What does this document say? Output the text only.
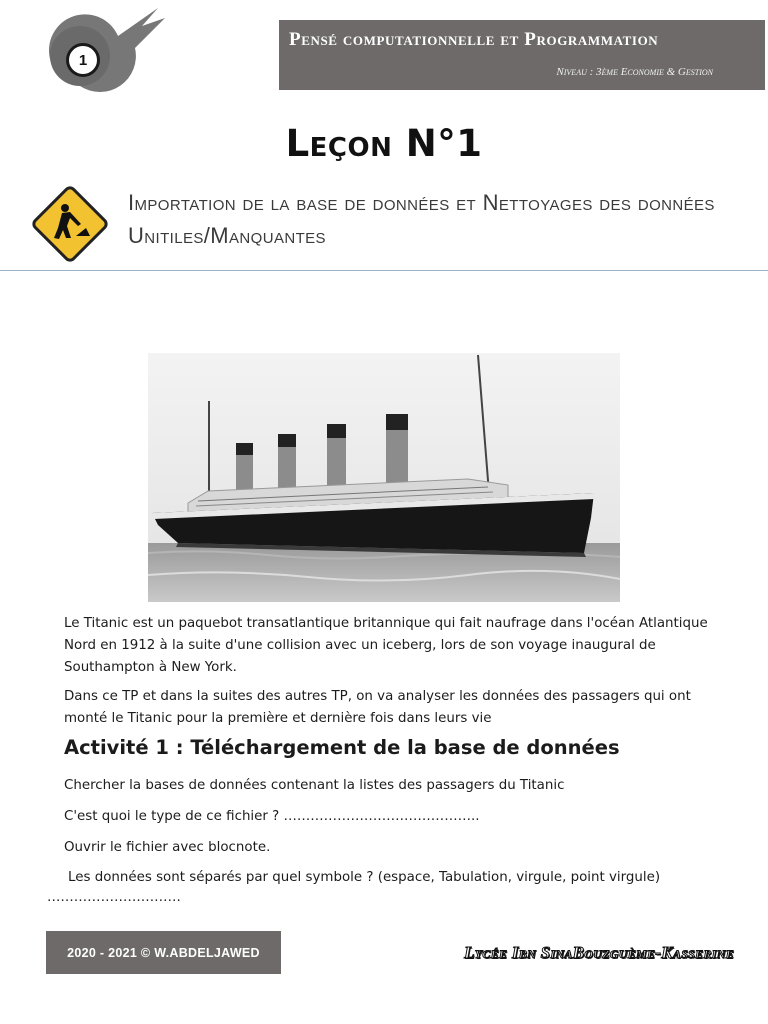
1
Pensé computationnelle et Programmation
Niveau : 3ème Economie & Gestion
Leçon N°1
Importation de la base de données et Nettoyages des données Unitiles/Manquantes
Le Titanic est un paquebot transatlantique britannique qui fait naufrage dans l'océan Atlantique Nord en 1912 à la suite d'une collision avec un iceberg, lors de son voyage inaugural de Southampton à New York.
Dans ce TP et dans la suites des autres TP, on va analyser les données des passagers qui ont monté le Titanic pour la première et dernière fois dans leurs vie
Activité 1 : Téléchargement de la base de données
Chercher la bases de données contenant la listes des passagers du Titanic
C'est quoi le type de ce fichier ? ……………………………………..
Ouvrir le fichier avec blocnote.
Les données sont séparés par quel symbole ? (espace, Tabulation, virgule, point virgule)
…………………………
2020 - 2021 © W.ABDELJAWED	Lycée Ibn SinaBouzguème-Kasserine
